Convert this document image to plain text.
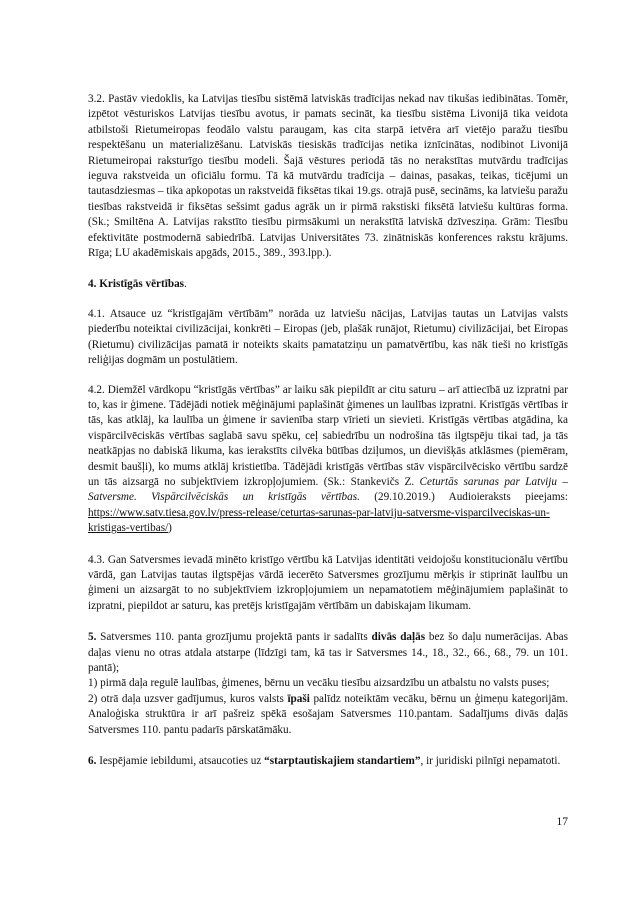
3.2. Pastāv viedoklis, ka Latvijas tiesību sistēmā latviskās tradīcijas nekad nav tikušas iedibinātas. Tomēr, izpētot vēsturiskos Latvijas tiesību avotus, ir pamats secināt, ka tiesību sistēma Livonijā tika veidota atbilstoši Rietumeiropas feodālo valstu paraugam, kas cita starpā ietvēra arī vietējo paražu tiesību respektēšanu un materializēšanu. Latviskās tiesiskās tradīcijas netika iznīcinātas, nodibinot Livonijā Rietumeiropai raksturīgo tiesību modeli. Šajā vēstures periodā tās no nerakstītas mutvārdu tradīcijas ieguva rakstveida un oficiālu formu. Tā kā mutvārdu tradīcija – dainas, pasakas, teikas, ticējumi un tautasdziesmas – tika apkopotas un rakstveidā fiksētas tikai 19.gs. otrajā pusē, secināms, ka latviešu paražu tiesības rakstveidā ir fiksētas sešsimt gadus agrāk un ir pirmā rakstiski fiksētā latviešu kultūras forma. (Sk.; Smiltēna A. Latvijas rakstīto tiesību pirmsākumi un nerakstītā latviskā dzīvesziņa. Grām: Tiesību efektivitāte postmodernā sabiedrībā. Latvijas Universitātes 73. zinātniskās konferences rakstu krājums. Rīga; LU akadēmiskais apgāds, 2015., 389., 393.lpp.).

4. Kristīgās vērtības.

4.1. Atsauce uz “kristīgajām vērtībām” norāda uz latviešu nācijas, Latvijas tautas un Latvijas valsts piederību noteiktai civilizācijai, konkrēti – Eiropas (jeb, plašāk runājot, Rietumu) civilizācijai, bet Eiropas (Rietumu) civilizācijas pamatā ir noteikts skaits pamatatziņu un pamatvērtību, kas nāk tieši no kristīgās reliģijas dogmām un postulātiem.

4.2. Diemžēl vārdkopu “kristīgās vērtības” ar laiku sāk piepildīt ar citu saturu – arī attiecībā uz izpratni par to, kas ir ģimene. Tādējādi notiek mēģinājumi paplašināt ģimenes un laulības izpratni. Kristīgās vērtības ir tās, kas atklāj, ka laulība un ģimene ir savienība starp vīrieti un sievieti. Kristīgās vērtības atgādina, ka vispārcilvēciskās vērtības saglabā savu spēku, ceļ sabiedrību un nodrošina tās ilgtspēju tikai tad, ja tās neatkāpjas no dabiskā likuma, kas ierakstīts cilvēka būtības dziļumos, un dievišķās atklāsmes (piemēram, desmit baušļi), ko mums atklāj kristietība. Tādējādi kristīgās vērtības stāv vispārcilvēcisko vērtību sardzē un tās aizsargā no subjektīviem izkropļojumiem. (Sk.: Stankevičs Z. Ceturtās sarunas par Latviju – Satversme. Vispārcilvēciskās un kristīgās vērtības. (29.10.2019.) Audioieraksts pieejams: https://www.satv.tiesa.gov.lv/press-release/ceturtas-sarunas-par-latviju-satversme-visparcilveciskas-un-kristigas-vertibas/)

4.3. Gan Satversmes ievadā minēto kristīgo vērtību kā Latvijas identitāti veidojošu konstitucionālu vērtību vārdā, gan Latvijas tautas ilgtspējas vārdā iecerēto Satversmes grozījumu mērķis ir stiprināt laulību un ģimeni un aizsargāt to no subjektīviem izkropļojumiem un nepamatotiem mēģinājumiem paplašināt to izpratni, piepildot ar saturu, kas pretējs kristīgajām vērtībām un dabiskajam likumam.

5. Satversmes 110. panta grozījumu projektā pants ir sadalīts divās daļās bez šo daļu numerācijas. Abas daļas vienu no otras atdala atstarpe (līdzīgi tam, kā tas ir Satversmes 14., 18., 32., 66., 68., 79. un 101. pantā);

1) pirmā daļa regulē laulības, ģimenes, bērnu un vecāku tiesību aizsardzību un atbalstu no valsts puses;

2) otrā daļa uzsver gadījumus, kuros valsts īpaši palīdz noteiktām vecāku, bērnu un ģimeņu kategorijām. Analoģiska struktūra ir arī pašreiz spēkā esošajam Satversmes 110.pantam. Sadalījums divās daļās Satversmes 110. pantu padarīs pārskatāmāku.

6. Iespējamie iebildumi, atsaucoties uz “starptautiskajiem standartiem”, ir juridiski pilnīgi nepamatoti.

17
